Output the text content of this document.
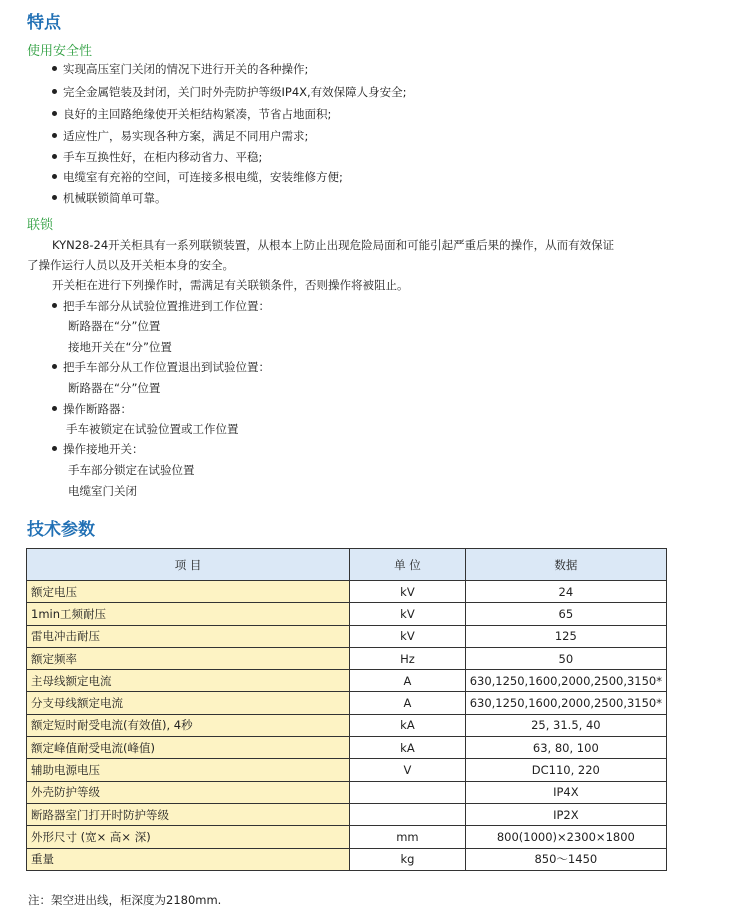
特点
使用安全性
实现高压室门关闭的情况下进行开关的各种操作;
完全金属铠装及封闭，关门时外壳防护等级IP4X,有效保障人身安全;
良好的主回路绝缘使开关柜结构紧凑，节省占地面积;
适应性广，易实现各种方案，满足不同用户需求;
手车互换性好，在柜内移动省力、平稳;
电缆室有充裕的空间，可连接多根电缆，安装维修方便;
机械联锁简单可靠。
联锁
KYN28-24开关柜具有一系列联锁装置，从根本上防止出现危险局面和可能引起严重后果的操作，从而有效保证
了操作运行人员以及开关柜本身的安全。
开关柜在进行下列操作时，需满足有关联锁条件，否则操作将被阻止。
把手车部分从试验位置推进到工作位置：
断路器在“分”位置
接地开关在“分”位置
把手车部分从工作位置退出到试验位置：
断路器在“分”位置
操作断路器：
手车被锁定在试验位置或工作位置
操作接地开关：
手车部分锁定在试验位置
电缆室门关闭
技术参数
项 目	单 位	数据
额定电压	kV	24
1min工频耐压	kV	65
雷电冲击耐压	kV	125
额定频率	Hz	50
主母线额定电流	A	630,1250,1600,2000,2500,3150*
分支母线额定电流	A	630,1250,1600,2000,2500,3150*
额定短时耐受电流(有效值), 4秒	kA	25, 31.5, 40
额定峰值耐受电流(峰值)	kA	63, 80, 100
辅助电源电压	V	DC110, 220
外壳防护等级		IP4X
断路器室门打开时防护等级		IP2X
外形尺寸 (宽× 高× 深)	mm	800(1000)×2300×1800
重量	kg	850～1450
注：架空进出线，柜深度为2180mm.
